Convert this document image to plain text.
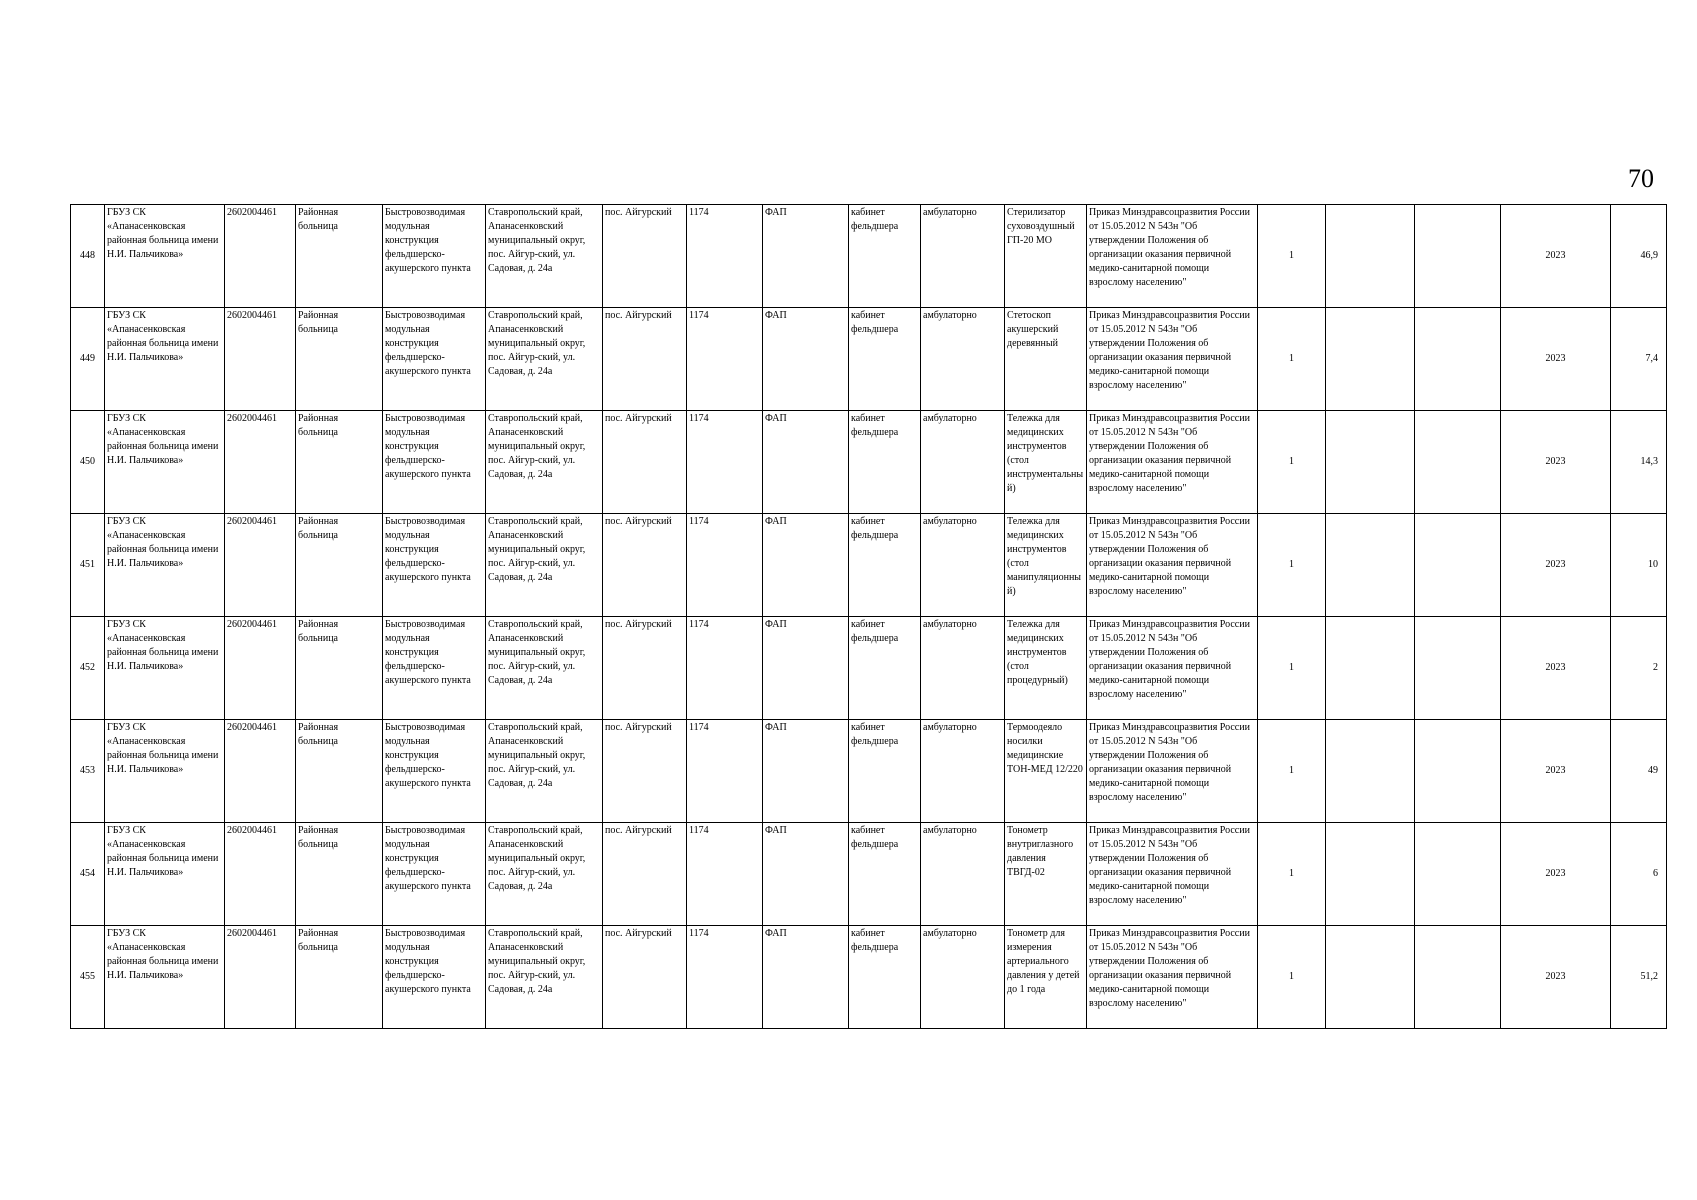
70
448	ГБУЗ СК «Апанасенковская районная больница имени Н.И. Пальчикова»	2602004461	Районная больница	Быстровозводимая модульная конструкция фельдшерско-акушерского пункта	Ставропольский край, Апанасенковский муниципальный округ, пос. Айгур-ский, ул. Садовая, д. 24а	пос. Айгурский	1174	ФАП	кабинет фельдшера	амбулаторно	Стерилизатор суховоздушный ГП-20 МО	Приказ Минздравсоцразвития России от 15.05.2012 N 543н "Об утверждении Положения об организации оказания первичной медико-санитарной помощи взрослому населению"	1			2023	46,9
449	ГБУЗ СК «Апанасенковская районная больница имени Н.И. Пальчикова»	2602004461	Районная больница	Быстровозводимая модульная конструкция фельдшерско-акушерского пункта	Ставропольский край, Апанасенковский муниципальный округ, пос. Айгур-ский, ул. Садовая, д. 24а	пос. Айгурский	1174	ФАП	кабинет фельдшера	амбулаторно	Стетоскоп акушерский деревянный	Приказ Минздравсоцразвития России от 15.05.2012 N 543н "Об утверждении Положения об организации оказания первичной медико-санитарной помощи взрослому населению"	1			2023	7,4
450	ГБУЗ СК «Апанасенковская районная больница имени Н.И. Пальчикова»	2602004461	Районная больница	Быстровозводимая модульная конструкция фельдшерско-акушерского пункта	Ставропольский край, Апанасенковский муниципальный округ, пос. Айгур-ский, ул. Садовая, д. 24а	пос. Айгурский	1174	ФАП	кабинет фельдшера	амбулаторно	Тележка для медицинских инструментов (стол инструментальный)	Приказ Минздравсоцразвития России от 15.05.2012 N 543н "Об утверждении Положения об организации оказания первичной медико-санитарной помощи взрослому населению"	1			2023	14,3
451	ГБУЗ СК «Апанасенковская районная больница имени Н.И. Пальчикова»	2602004461	Районная больница	Быстровозводимая модульная конструкция фельдшерско-акушерского пункта	Ставропольский край, Апанасенковский муниципальный округ, пос. Айгур-ский, ул. Садовая, д. 24а	пос. Айгурский	1174	ФАП	кабинет фельдшера	амбулаторно	Тележка для медицинских инструментов (стол манипуляционный)	Приказ Минздравсоцразвития России от 15.05.2012 N 543н "Об утверждении Положения об организации оказания первичной медико-санитарной помощи взрослому населению"	1			2023	10
452	ГБУЗ СК «Апанасенковская районная больница имени Н.И. Пальчикова»	2602004461	Районная больница	Быстровозводимая модульная конструкция фельдшерско-акушерского пункта	Ставропольский край, Апанасенковский муниципальный округ, пос. Айгур-ский, ул. Садовая, д. 24а	пос. Айгурский	1174	ФАП	кабинет фельдшера	амбулаторно	Тележка для медицинских инструментов (стол процедурный)	Приказ Минздравсоцразвития России от 15.05.2012 N 543н "Об утверждении Положения об организации оказания первичной медико-санитарной помощи взрослому населению"	1			2023	2
453	ГБУЗ СК «Апанасенковская районная больница имени Н.И. Пальчикова»	2602004461	Районная больница	Быстровозводимая модульная конструкция фельдшерско-акушерского пункта	Ставропольский край, Апанасенковский муниципальный округ, пос. Айгур-ский, ул. Садовая, д. 24а	пос. Айгурский	1174	ФАП	кабинет фельдшера	амбулаторно	Термоодеяло носилки медицинские ТОН-МЕД 12/220	Приказ Минздравсоцразвития России от 15.05.2012 N 543н "Об утверждении Положения об организации оказания первичной медико-санитарной помощи взрослому населению"	1			2023	49
454	ГБУЗ СК «Апанасенковская районная больница имени Н.И. Пальчикова»	2602004461	Районная больница	Быстровозводимая модульная конструкция фельдшерско-акушерского пункта	Ставропольский край, Апанасенковский муниципальный округ, пос. Айгур-ский, ул. Садовая, д. 24а	пос. Айгурский	1174	ФАП	кабинет фельдшера	амбулаторно	Тонометр внутриглазного давления ТВГД-02	Приказ Минздравсоцразвития России от 15.05.2012 N 543н "Об утверждении Положения об организации оказания первичной медико-санитарной помощи взрослому населению"	1			2023	6
455	ГБУЗ СК «Апанасенковская районная больница имени Н.И. Пальчикова»	2602004461	Районная больница	Быстровозводимая модульная конструкция фельдшерско-акушерского пункта	Ставропольский край, Апанасенковский муниципальный округ, пос. Айгур-ский, ул. Садовая, д. 24а	пос. Айгурский	1174	ФАП	кабинет фельдшера	амбулаторно	Тонометр для измерения артериального давления у детей до 1 года	Приказ Минздравсоцразвития России от 15.05.2012 N 543н "Об утверждении Положения об организации оказания первичной медико-санитарной помощи взрослому населению"	1			2023	51,2
